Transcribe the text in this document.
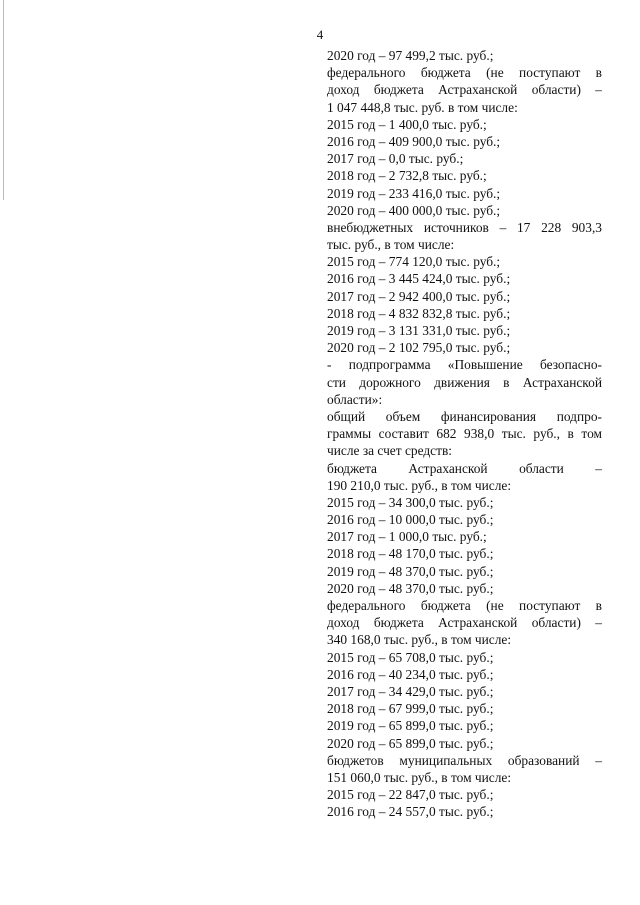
4
2020 год – 97 499,2 тыс. руб.;
федерального бюджета (не поступают в
доход бюджета Астраханской области) –
1 047 448,8 тыс. руб. в том числе:
2015 год – 1 400,0 тыс. руб.;
2016 год – 409 900,0 тыс. руб.;
2017 год – 0,0 тыс. руб.;
2018 год – 2 732,8 тыс. руб.;
2019 год – 233 416,0 тыс. руб.;
2020 год – 400 000,0 тыс. руб.;
внебюджетных источников – 17 228 903,3
тыс. руб., в том числе:
2015 год – 774 120,0 тыс. руб.;
2016 год – 3 445 424,0 тыс. руб.;
2017 год – 2 942 400,0 тыс. руб.;
2018 год – 4 832 832,8 тыс. руб.;
2019 год – 3 131 331,0 тыс. руб.;
2020 год – 2 102 795,0 тыс. руб.;
- подпрограмма «Повышение безопасно-
сти дорожного движения в Астраханской
области»:
общий объем финансирования подпро-
граммы составит 682 938,0 тыс. руб., в том
числе за счет средств:
бюджета Астраханской области –
190 210,0 тыс. руб., в том числе:
2015 год – 34 300,0 тыс. руб.;
2016 год – 10 000,0 тыс. руб.;
2017 год – 1 000,0 тыс. руб.;
2018 год – 48 170,0 тыс. руб.;
2019 год – 48 370,0 тыс. руб.;
2020 год – 48 370,0 тыс. руб.;
федерального бюджета (не поступают в
доход бюджета Астраханской области) –
340 168,0 тыс. руб., в том числе:
2015 год – 65 708,0 тыс. руб.;
2016 год – 40 234,0 тыс. руб.;
2017 год – 34 429,0 тыс. руб.;
2018 год – 67 999,0 тыс. руб.;
2019 год – 65 899,0 тыс. руб.;
2020 год – 65 899,0 тыс. руб.;
бюджетов муниципальных образований –
151 060,0 тыс. руб., в том числе:
2015 год – 22 847,0 тыс. руб.;
2016 год – 24 557,0 тыс. руб.;
